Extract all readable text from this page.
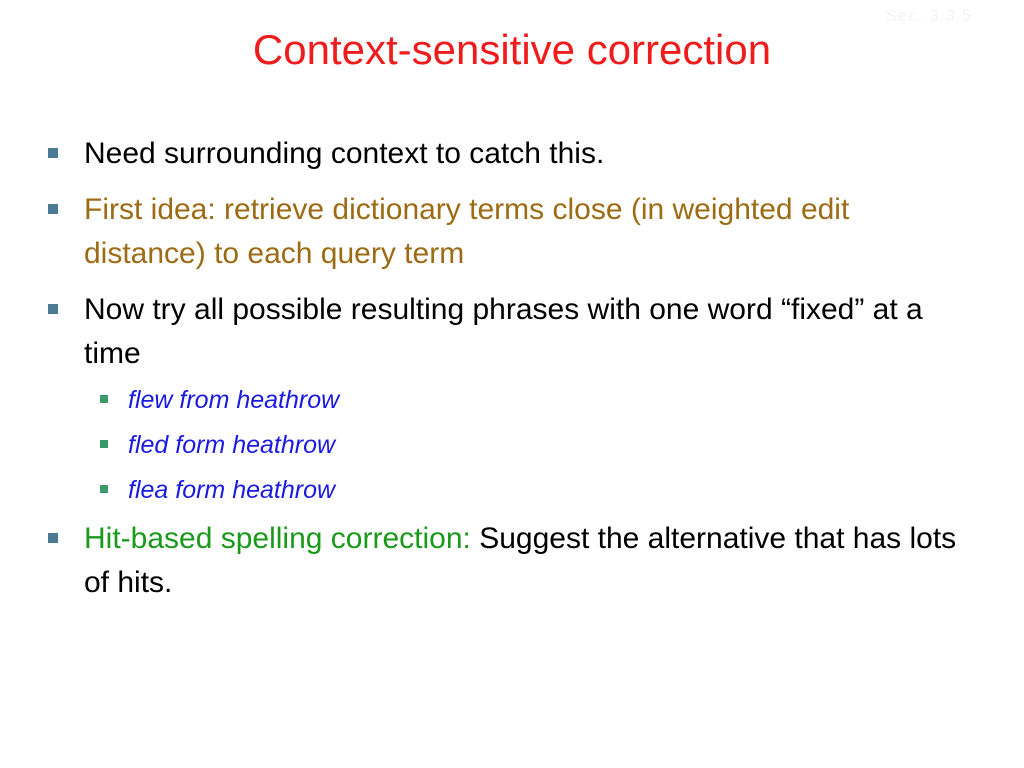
Sec. 3.3.5
Context-sensitive correction
Need surrounding context to catch this.
First idea: retrieve dictionary terms close (in weighted edit distance) to each query term
Now try all possible resulting phrases with one word “fixed” at a time
flew from heathrow
fled form heathrow
flea form heathrow
Hit-based spelling correction: Suggest the alternative that has lots of hits.
